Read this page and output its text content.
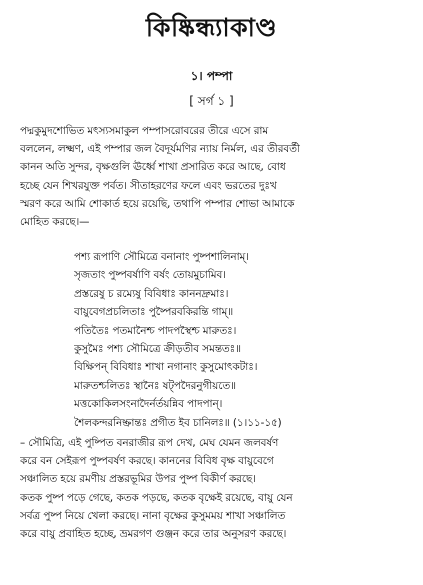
কিষ্কিন্ধ্যাকাণ্ড
১। পম্পা
[ সর্গ ১ ]
পদ্মকুমুদশোভিত মৎস্যসমাকুল পম্পাসরোবরের তীরে এসে রাম
বললেন, লক্ষ্মণ, এই পম্পার জল বৈদূর্যমণির ন্যায় নির্মল, এর তীরবর্তী
কানন অতি সুন্দর, বৃক্ষগুলি ঊর্ধ্বে শাখা প্রসারিত করে আছে, বোধ
হচ্ছে যেন শিখরযুক্ত পর্বত। সীতাহরণের ফলে এবং ভরতের দুঃখ
স্মরণ করে আমি শোকার্ত হয়ে রয়েছি, তথাপি পম্পার শোভা আমাকে
মোহিত করছে।—
পশ্য রূপাণি সৌমিত্রে বনানাং পুষ্পশালিনাম্।
সৃজতাং পুষ্পবর্ষাণি বর্ষং তোয়মুচামিব।
প্রস্তরেষু চ রম্যেষু বিবিধাঃ কাননদ্রুমাঃ।
বায়ুবেগপ্রচলিতাঃ পুষ্পৈরবকিরন্তি গাম্॥
পতিতৈঃ পতমানৈশ্চ পাদপস্থৈশ্চ মারুতঃ।
কুসুমৈঃ পশ্য সৌমিত্রে ক্রীড়তীব সমন্ততঃ॥
বিক্ষিপন্ বিবিধাঃ শাখা নগানাং কুসুমোৎকটাঃ।
মারুতশ্চলিতঃ স্থানৈঃ ষট্‌পদৈরনুগীয়তে॥
মত্তকোকিলসংনাদৈর্নর্তয়ন্নিব পাদপান্।
শৈলকন্দরনিষ্ক্রান্তঃ প্রগীত ইব চানিলঃ॥ (১।১১-১৫)
– সৌমিত্রি, এই পুষ্পিত বনরাজীর রূপ দেখ, মেঘ যেমন জলবর্ষণ
করে বন সেইরূপ পুষ্পবর্ষণ করছে। কাননের বিবিধ বৃক্ষ বায়ুবেগে
সঞ্চালিত হয়ে রমণীয় প্রস্তরভূমির উপর পুষ্প বিকীর্ণ করছে।
কতক পুষ্প পড়ে গেছে, কতক পড়ছে, কতক বৃক্ষেই রয়েছে, বায়ু যেন
সর্বত্র পুষ্প নিয়ে খেলা করছে। নানা বৃক্ষের কুসুমময় শাখা সঞ্চালিত
করে বায়ু প্রবাহিত হচ্ছে, ভ্রমরগণ গুঞ্জন করে তার অনুসরণ করছে।
